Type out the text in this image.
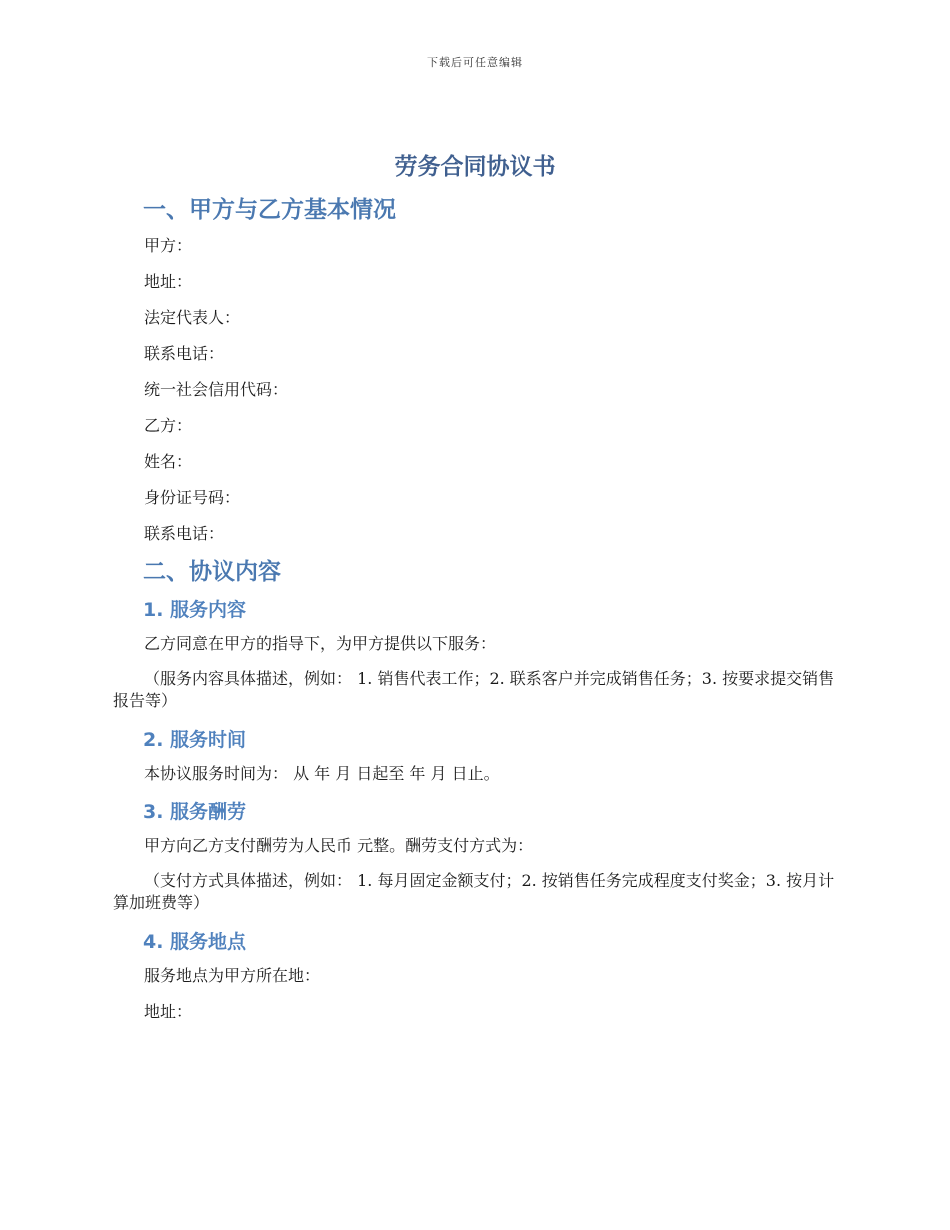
下载后可任意编辑
劳务合同协议书
一、甲方与乙方基本情况
甲方：
地址：
法定代表人：
联系电话：
统一社会信用代码：
乙方：
姓名：
身份证号码：
联系电话：
二、协议内容
1. 服务内容
乙方同意在甲方的指导下，为甲方提供以下服务：
（服务内容具体描述，例如： 1. 销售代表工作；2. 联系客户并完成销售任务；3. 按要求提交销售报告等）
2. 服务时间
本协议服务时间为： 从 年 月 日起至 年 月 日止。
3. 服务酬劳
甲方向乙方支付酬劳为人民币 元整。酬劳支付方式为：
（支付方式具体描述，例如： 1. 每月固定金额支付；2. 按销售任务完成程度支付奖金；3. 按月计算加班费等）
4. 服务地点
服务地点为甲方所在地：
地址：
